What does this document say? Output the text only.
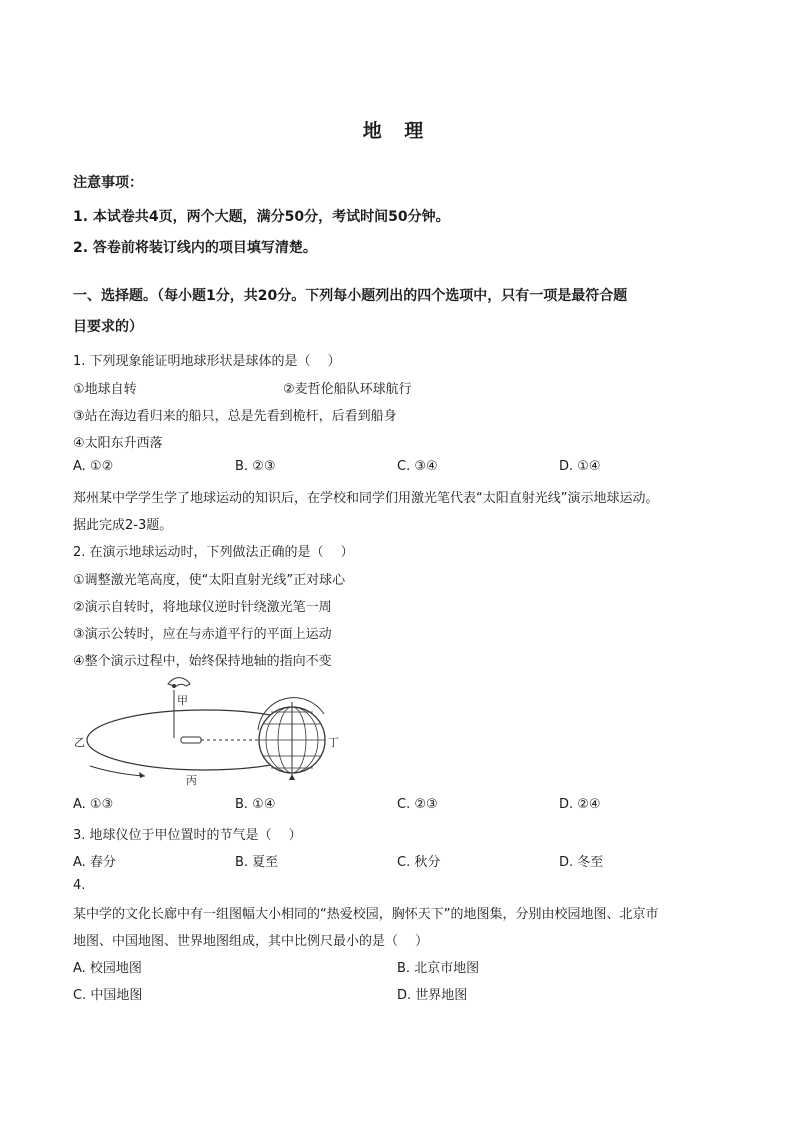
地 理
注意事项：
1. 本试卷共4页，两个大题，满分50分，考试时间50分钟。
2. 答卷前将装订线内的项目填写清楚。
一、选择题。（每小题1分，共20分。下列每小题列出的四个选项中，只有一项是最符合题
目要求的）
1. 下列现象能证明地球形状是球体的是（　 ）
①地球自转	②麦哲伦船队环球航行
③站在海边看归来的船只，总是先看到桅杆，后看到船身
④太阳东升西落
A. ①②	B. ②③	C. ③④	D. ①④
郑州某中学学生学了地球运动的知识后，在学校和同学们用激光笔代表“太阳直射光线”演示地球运动。
据此完成2-3题。
2. 在演示地球运动时，下列做法正确的是（　 ）
①调整激光笔高度，使“太阳直射光线”正对球心
②演示自转时，将地球仪逆时针绕激光笔一周
③演示公转时，应在与赤道平行的平面上运动
④整个演示过程中，始终保持地轴的指向不变
甲
乙
丙
丁
A. ①③	B. ①④	C. ②③	D. ②④
3. 地球仪位于甲位置时的节气是（　 ）
A. 春分	B. 夏至	C. 秋分	D. 冬至
4.
某中学的文化长廊中有一组图幅大小相同的“热爱校园，胸怀天下”的地图集，分别由校园地图、北京市
地图、中国地图、世界地图组成，其中比例尺最小的是（　 ）
A. 校园地图	B. 北京市地图
C. 中国地图	D. 世界地图
